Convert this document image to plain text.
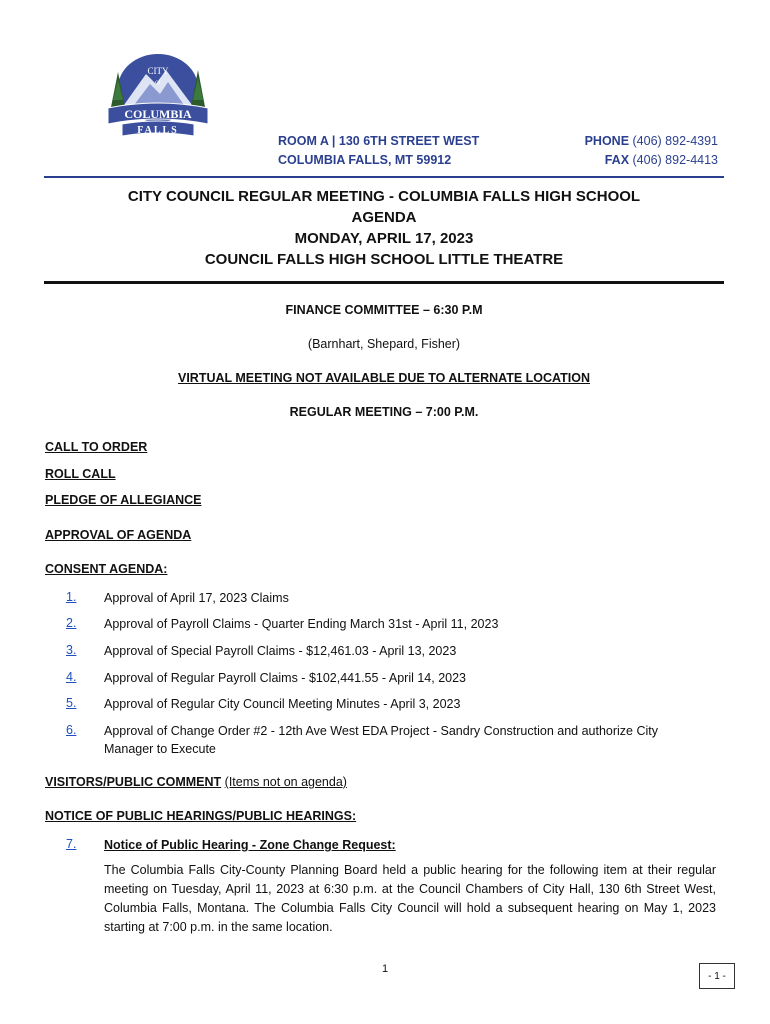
CITY
of
COLUMBIA
FALLS
ROOM A | 130 6TH STREET WEST
COLUMBIA FALLS, MT 59912
PHONE (406) 892-4391
FAX (406) 892-4413
CITY COUNCIL REGULAR MEETING - COLUMBIA FALLS HIGH SCHOOL
AGENDA
MONDAY, APRIL 17, 2023
COUNCIL FALLS HIGH SCHOOL LITTLE THEATRE
FINANCE COMMITTEE – 6:30 P.M
(Barnhart, Shepard, Fisher)
VIRTUAL MEETING NOT AVAILABLE DUE TO ALTERNATE LOCATION
REGULAR MEETING – 7:00 P.M.
CALL TO ORDER
ROLL CALL
PLEDGE OF ALLEGIANCE
APPROVAL OF AGENDA
CONSENT AGENDA:
1. Approval of April 17, 2023 Claims
2. Approval of Payroll Claims - Quarter Ending March 31st - April 11, 2023
3. Approval of Special Payroll Claims - $12,461.03 - April 13, 2023
4. Approval of Regular Payroll Claims - $102,441.55 - April 14, 2023
5. Approval of Regular City Council Meeting Minutes - April 3, 2023
6. Approval of Change Order #2 - 12th Ave West EDA Project - Sandry Construction and authorize City Manager to Execute
VISITORS/PUBLIC COMMENT (Items not on agenda)
NOTICE OF PUBLIC HEARINGS/PUBLIC HEARINGS:
7. Notice of Public Hearing - Zone Change Request:
The Columbia Falls City-County Planning Board held a public hearing for the following item at their regular meeting on Tuesday, April 11, 2023 at 6:30 p.m. at the Council Chambers of City Hall, 130 6th Street West, Columbia Falls, Montana. The Columbia Falls City Council will hold a subsequent hearing on May 1, 2023 starting at 7:00 p.m. in the same location.
1
- 1 -
